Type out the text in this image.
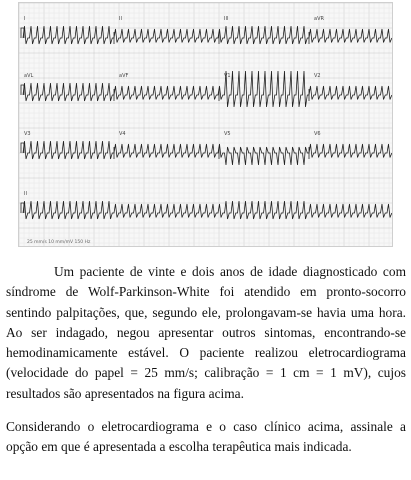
I	II	III	aVR
aVL	aVF	V1	V2
V3	V4	V5	V6
II
25 mm/s 10 mm/mV 150 Hz

Um paciente de vinte e dois anos de idade diagnosticado com síndrome de Wolf-Parkinson-White foi atendido em pronto-socorro sentindo palpitações, que, segundo ele, prolongavam-se havia uma hora. Ao ser indagado, negou apresentar outros sintomas, encontrando-se hemodinamicamente estável. O paciente realizou eletrocardiograma (velocidade do papel = 25 mm/s; calibração = 1 cm = 1 mV), cujos resultados são apresentados na figura acima.

Considerando o eletrocardiograma e o caso clínico acima, assinale a opção em que é apresentada a escolha terapêutica mais indicada.
